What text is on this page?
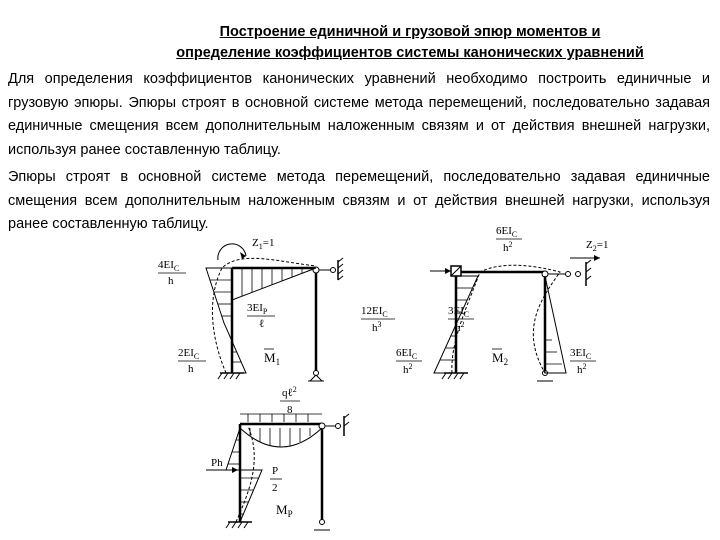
Построение единичной и грузовой эпюр моментов и
определение коэффициентов системы канонических уравнений

Для определения коэффициентов канонических уравнений необходимо построить единичные и грузовую эпюры. Эпюры строят в основной системе метода перемещений, последовательно задавая единичные смещения всем дополнительным наложенным связям и от действия внешней нагрузки, используя ранее составленную таблицу.

Эпюры строят в основной системе метода перемещений, последовательно задавая единичные смещения всем дополнительным наложенным связям и от действия внешней нагрузки, используя ранее составленную таблицу.

$Z_1=1$
$4EI_C$
h
$3EI_P$
ℓ
$2EI_C$
h
$M_1$
$Z_2=1$
$6EI_C$
$h^2$
$12EI_C$
$h^3$
$3EI_C$
$h^2$
$6EI_C$
$h^2$
$3EI_C$
$h^2$
$M_2$
qℓ$^2$
8
Ph
P
2
$M_P$
